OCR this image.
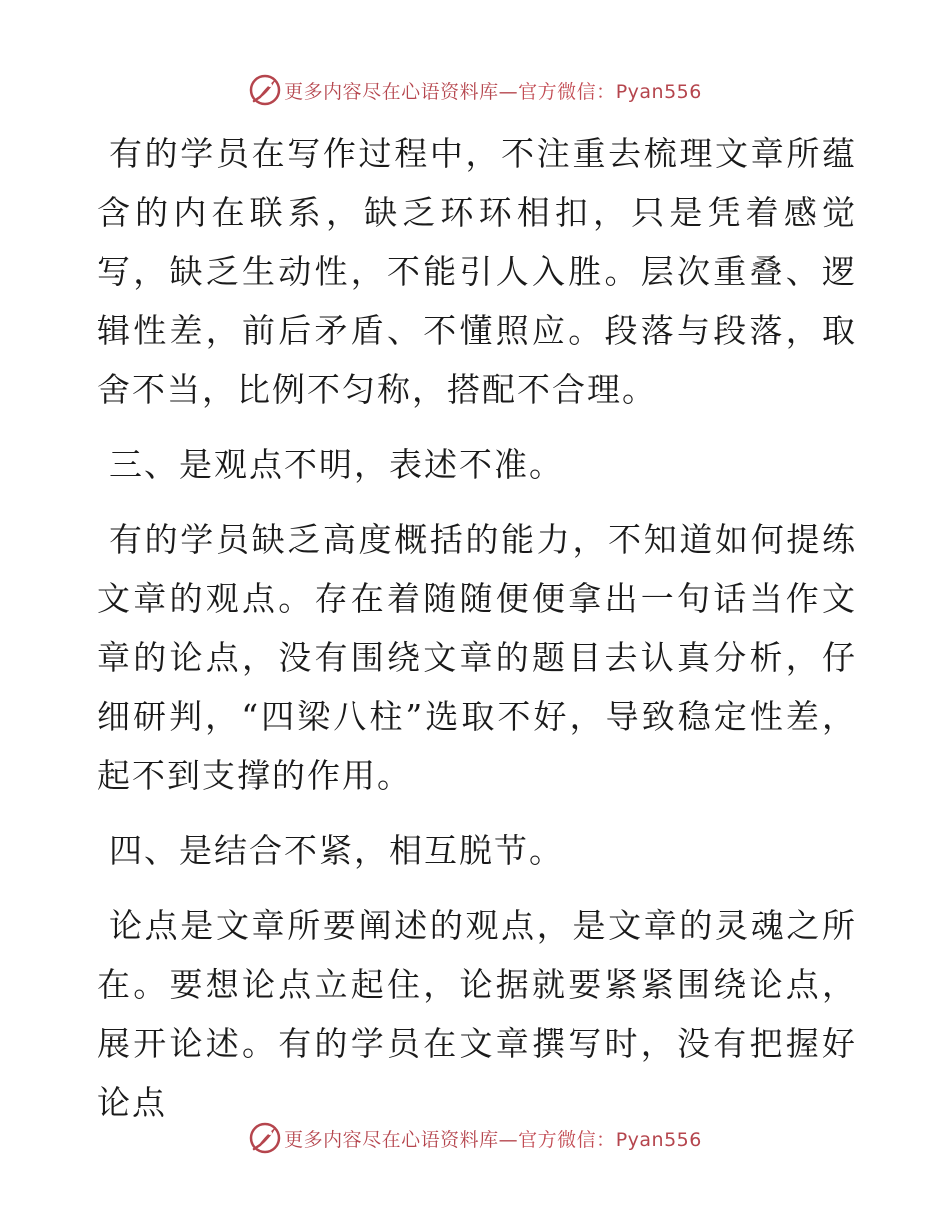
更多内容尽在心语资料库—官方微信：Pyan556

有的学员在写作过程中，不注重去梳理文章所蕴含的内在联系，缺乏环环相扣，只是凭着感觉写，缺乏生动性，不能引人入胜。层次重叠、逻辑性差，前后矛盾、不懂照应。段落与段落，取舍不当，比例不匀称，搭配不合理。

三、是观点不明，表述不准。

有的学员缺乏高度概括的能力，不知道如何提练文章的观点。存在着随随便便拿出一句话当作文章的论点，没有围绕文章的题目去认真分析，仔细研判，“四梁八柱”选取不好，导致稳定性差，起不到支撑的作用。

四、是结合不紧，相互脱节。

论点是文章所要阐述的观点，是文章的灵魂之所在。要想论点立起住，论据就要紧紧围绕论点，展开论述。有的学员在文章撰写时，没有把握好论点

更多内容尽在心语资料库—官方微信：Pyan556
